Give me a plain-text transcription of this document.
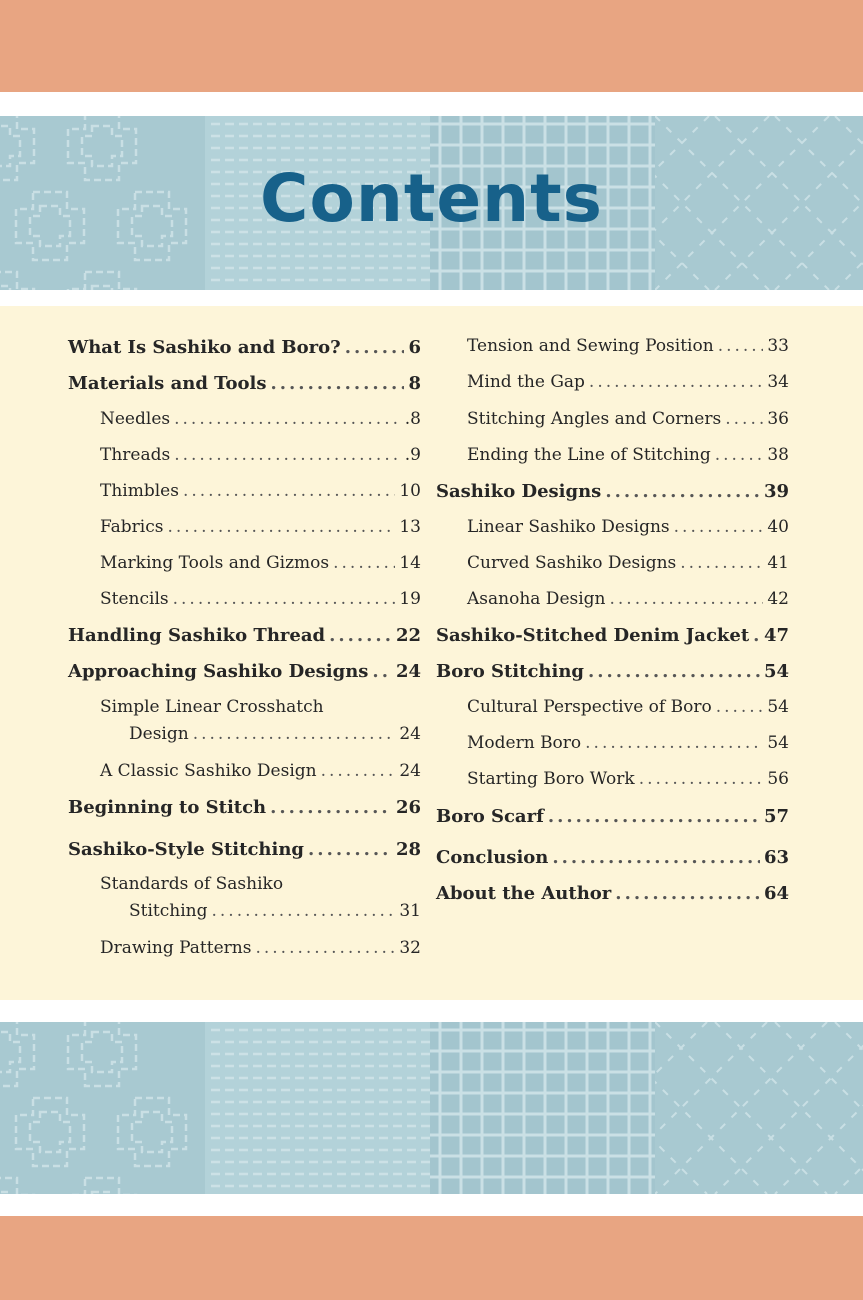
Contents
What Is Sashiko and Boro? .....	6
Materials and Tools .....	8
Needles .....	.8
Threads .....	.9
Thimbles .....	10
Fabrics .....	13
Marking Tools and Gizmos .....	14
Stencils .....	19
Handling Sashiko Thread .....	22
Approaching Sashiko Designs ..... 24
Simple Linear Crosshatch
Design .....	24
A Classic Sashiko Design .....	24
Beginning to Stitch .....	26
Sashiko-Style Stitching .....	28
Standards of Sashiko
Stitching .....	31
Drawing Patterns .....	32
Tension and Sewing Position .....	33
Mind the Gap .....	34
Stitching Angles and Corners .....	36
Ending the Line of Stitching .....	38
Sashiko Designs .....	39
Linear Sashiko Designs .....	40
Curved Sashiko Designs .....	41
Asanoha Design .....	42
Sashiko-Stitched Denim Jacket ..... 47
Boro Stitching .....	54
Cultural Perspective of Boro .....	54
Modern Boro .....	54
Starting Boro Work .....	56
Boro Scarf .....	57
Conclusion .....	63
About the Author .....	64
